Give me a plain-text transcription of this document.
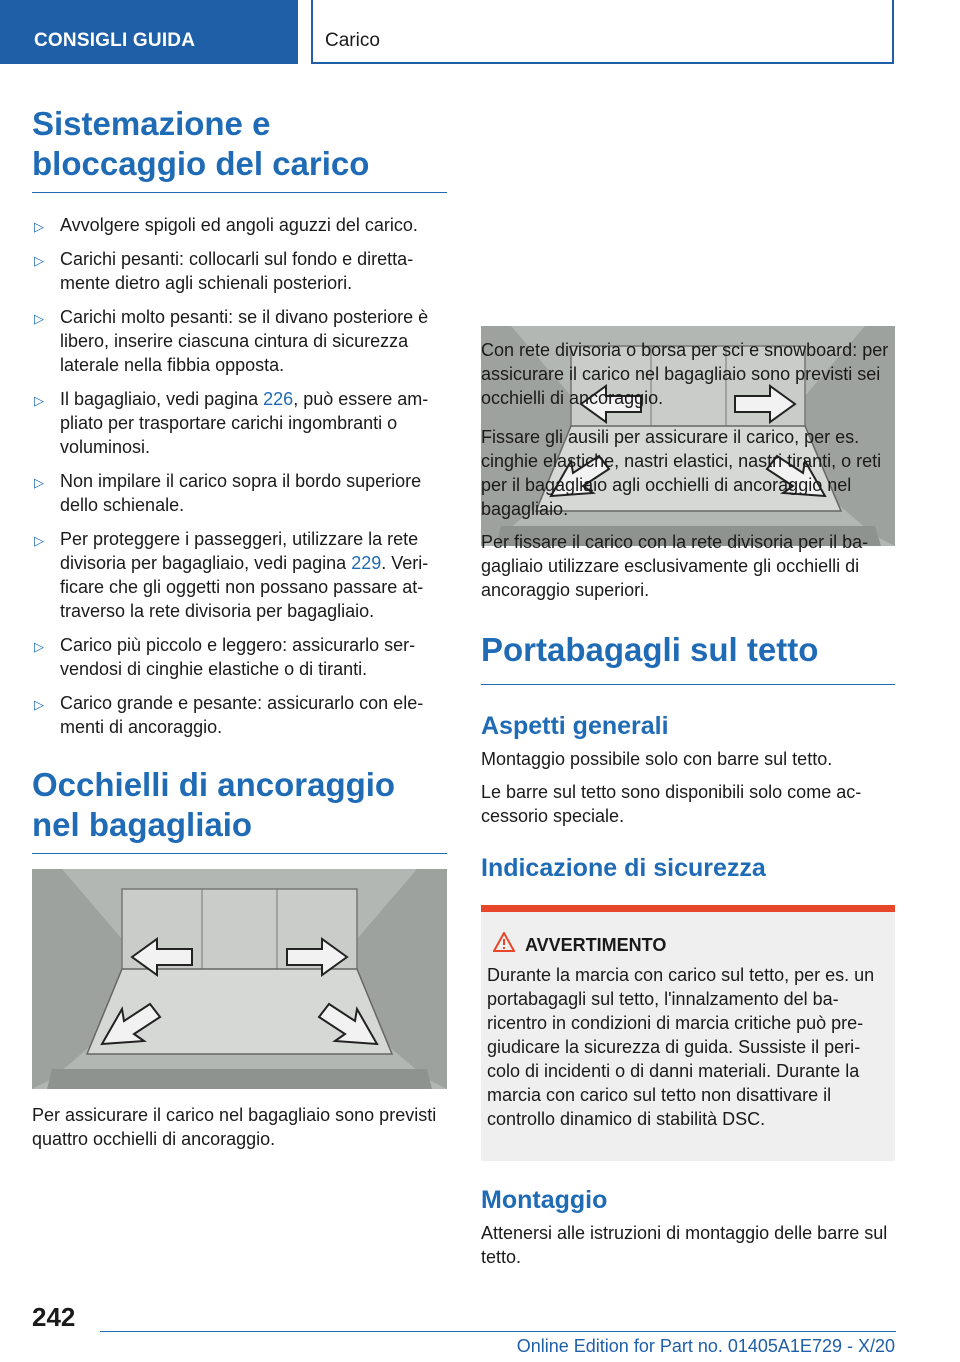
CONSIGLI GUIDA	Carico
Sistemazione e bloccaggio del carico
▷ Avvolgere spigoli ed angoli aguzzi del carico.
▷ Carichi pesanti: collocarli sul fondo e direttamente dietro agli schienali posteriori.
▷ Carichi molto pesanti: se il divano posteriore è libero, inserire ciascuna cintura di sicurezza laterale nella fibbia opposta.
▷ Il bagagliaio, vedi pagina 226, può essere ampliato per trasportare carichi ingombranti o voluminosi.
▷ Non impilare il carico sopra il bordo superiore dello schienale.
▷ Per proteggere i passeggeri, utilizzare la rete divisoria per bagagliaio, vedi pagina 229. Verificare che gli oggetti non possano passare attraverso la rete divisoria per bagagliaio.
▷ Carico più piccolo e leggero: assicurarlo servendosi di cinghie elastiche o di tiranti.
▷ Carico grande e pesante: assicurarlo con elementi di ancoraggio.
Occhielli di ancoraggio nel bagagliaio

Per assicurare il carico nel bagagliaio sono previsti quattro occhielli di ancoraggio.

Con rete divisoria o borsa per sci e snowboard: per assicurare il carico nel bagagliaio sono previsti sei occhielli di ancoraggio.

Fissare gli ausili per assicurare il carico, per es. cinghie elastiche, nastri elastici, nastri tiranti, o reti per il bagagliaio agli occhielli di ancoraggio nel bagagliaio.

Per fissare il carico con la rete divisoria per il bagagliaio utilizzare esclusivamente gli occhielli di ancoraggio superiori.

Portabagagli sul tetto
Aspetti generali

Montaggio possibile solo con barre sul tetto.

Le barre sul tetto sono disponibili solo come accessorio speciale.

Indicazione di sicurezza
AVVERTIMENTO
Durante la marcia con carico sul tetto, per es. un portabagagli sul tetto, l'innalzamento del baricentro in condizioni di marcia critiche può pregiudicare la sicurezza di guida. Sussiste il pericolo di incidenti o di danni materiali. Durante la marcia con carico sul tetto non disattivare il controllo dinamico di stabilità DSC.
Montaggio

Attenersi alle istruzioni di montaggio delle barre sul tetto.

242
Online Edition for Part no. 01405A1E729 - X/20
